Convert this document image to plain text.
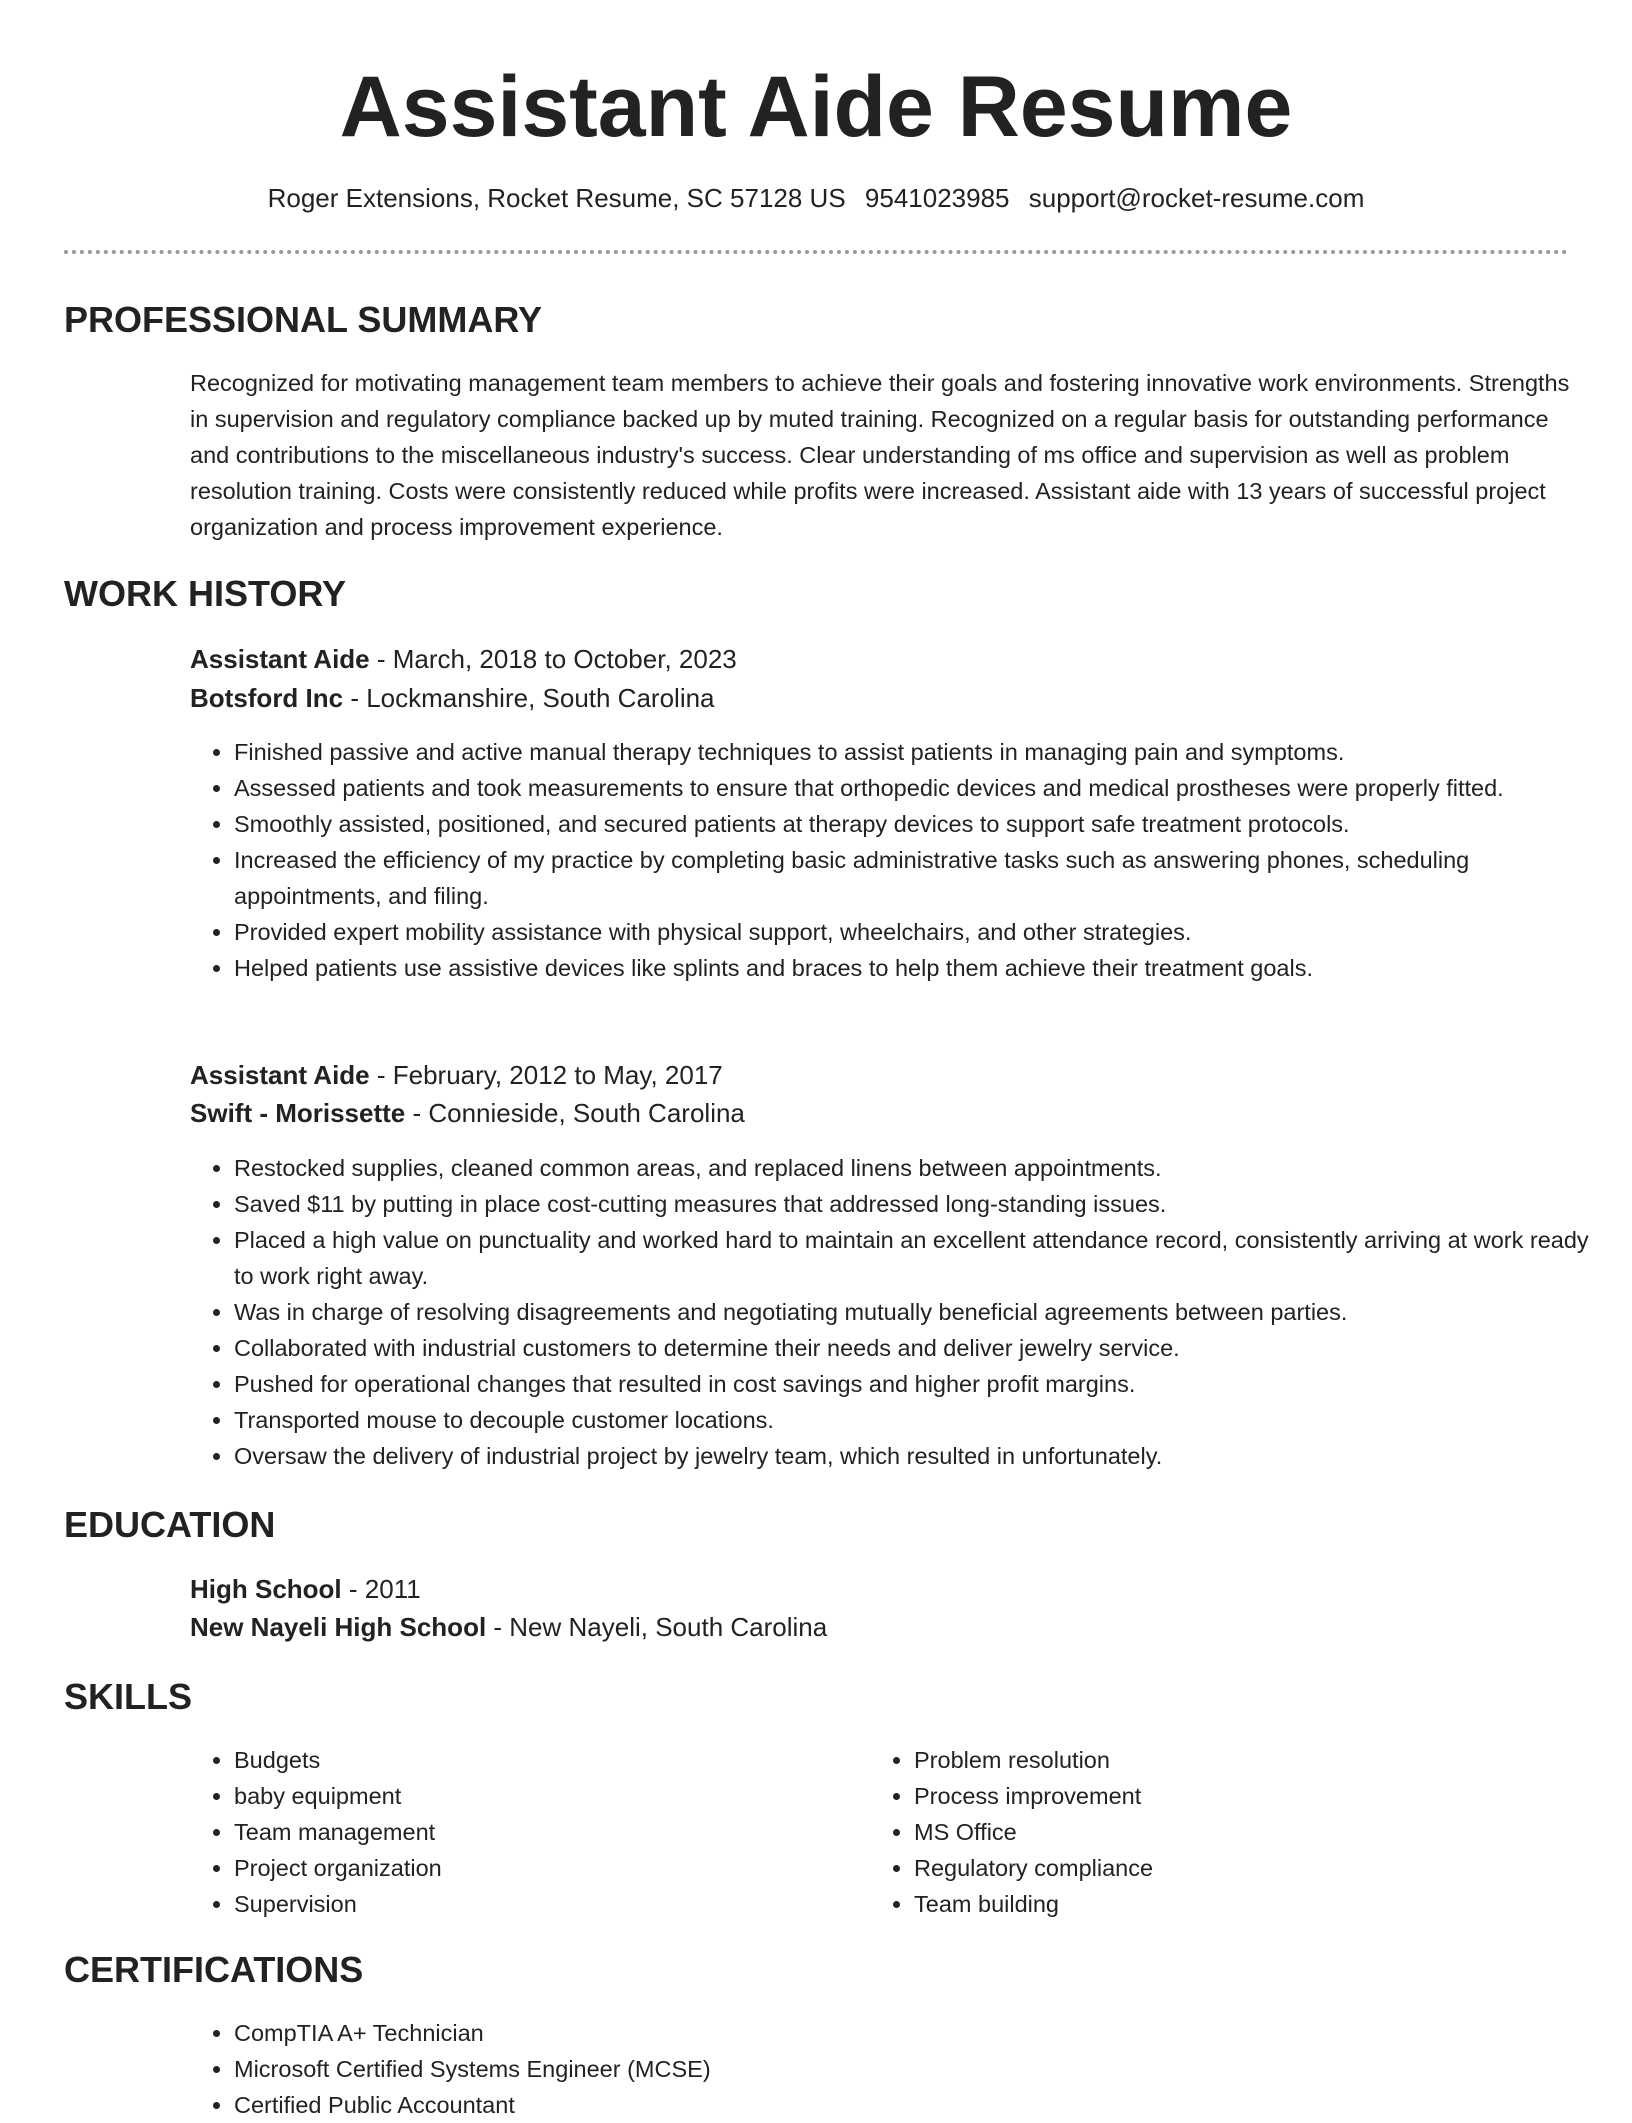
Assistant Aide Resume
Roger Extensions, Rocket Resume, SC 57128 US 9541023985 support@rocket-resume.com
PROFESSIONAL SUMMARY

Recognized for motivating management team members to achieve their goals and fostering innovative work environments. Strengths in supervision and regulatory compliance backed up by muted training. Recognized on a regular basis for outstanding performance and contributions to the miscellaneous industry's success. Clear understanding of ms office and supervision as well as problem resolution training. Costs were consistently reduced while profits were increased. Assistant aide with 13 years of successful project organization and process improvement experience.

WORK HISTORY
Assistant Aide - March, 2018 to October, 2023
Botsford Inc - Lockmanshire, South Carolina
• Finished passive and active manual therapy techniques to assist patients in managing pain and symptoms.
• Assessed patients and took measurements to ensure that orthopedic devices and medical prostheses were properly fitted.
• Smoothly assisted, positioned, and secured patients at therapy devices to support safe treatment protocols.
• Increased the efficiency of my practice by completing basic administrative tasks such as answering phones, scheduling appointments, and filing.
• Provided expert mobility assistance with physical support, wheelchairs, and other strategies.
• Helped patients use assistive devices like splints and braces to help them achieve their treatment goals.
Assistant Aide - February, 2012 to May, 2017
Swift - Morissette - Connieside, South Carolina
• Restocked supplies, cleaned common areas, and replaced linens between appointments.
• Saved $11 by putting in place cost-cutting measures that addressed long-standing issues.
• Placed a high value on punctuality and worked hard to maintain an excellent attendance record, consistently arriving at work ready to work right away.
• Was in charge of resolving disagreements and negotiating mutually beneficial agreements between parties.
• Collaborated with industrial customers to determine their needs and deliver jewelry service.
• Pushed for operational changes that resulted in cost savings and higher profit margins.
• Transported mouse to decouple customer locations.
• Oversaw the delivery of industrial project by jewelry team, which resulted in unfortunately.
EDUCATION
High School - 2011
New Nayeli High School - New Nayeli, South Carolina
SKILLS
• Budgets
• baby equipment
• Team management
• Project organization
• Supervision
• Problem resolution
• Process improvement
• MS Office
• Regulatory compliance
• Team building
CERTIFICATIONS
• CompTIA A+ Technician
• Microsoft Certified Systems Engineer (MCSE)
• Certified Public Accountant
